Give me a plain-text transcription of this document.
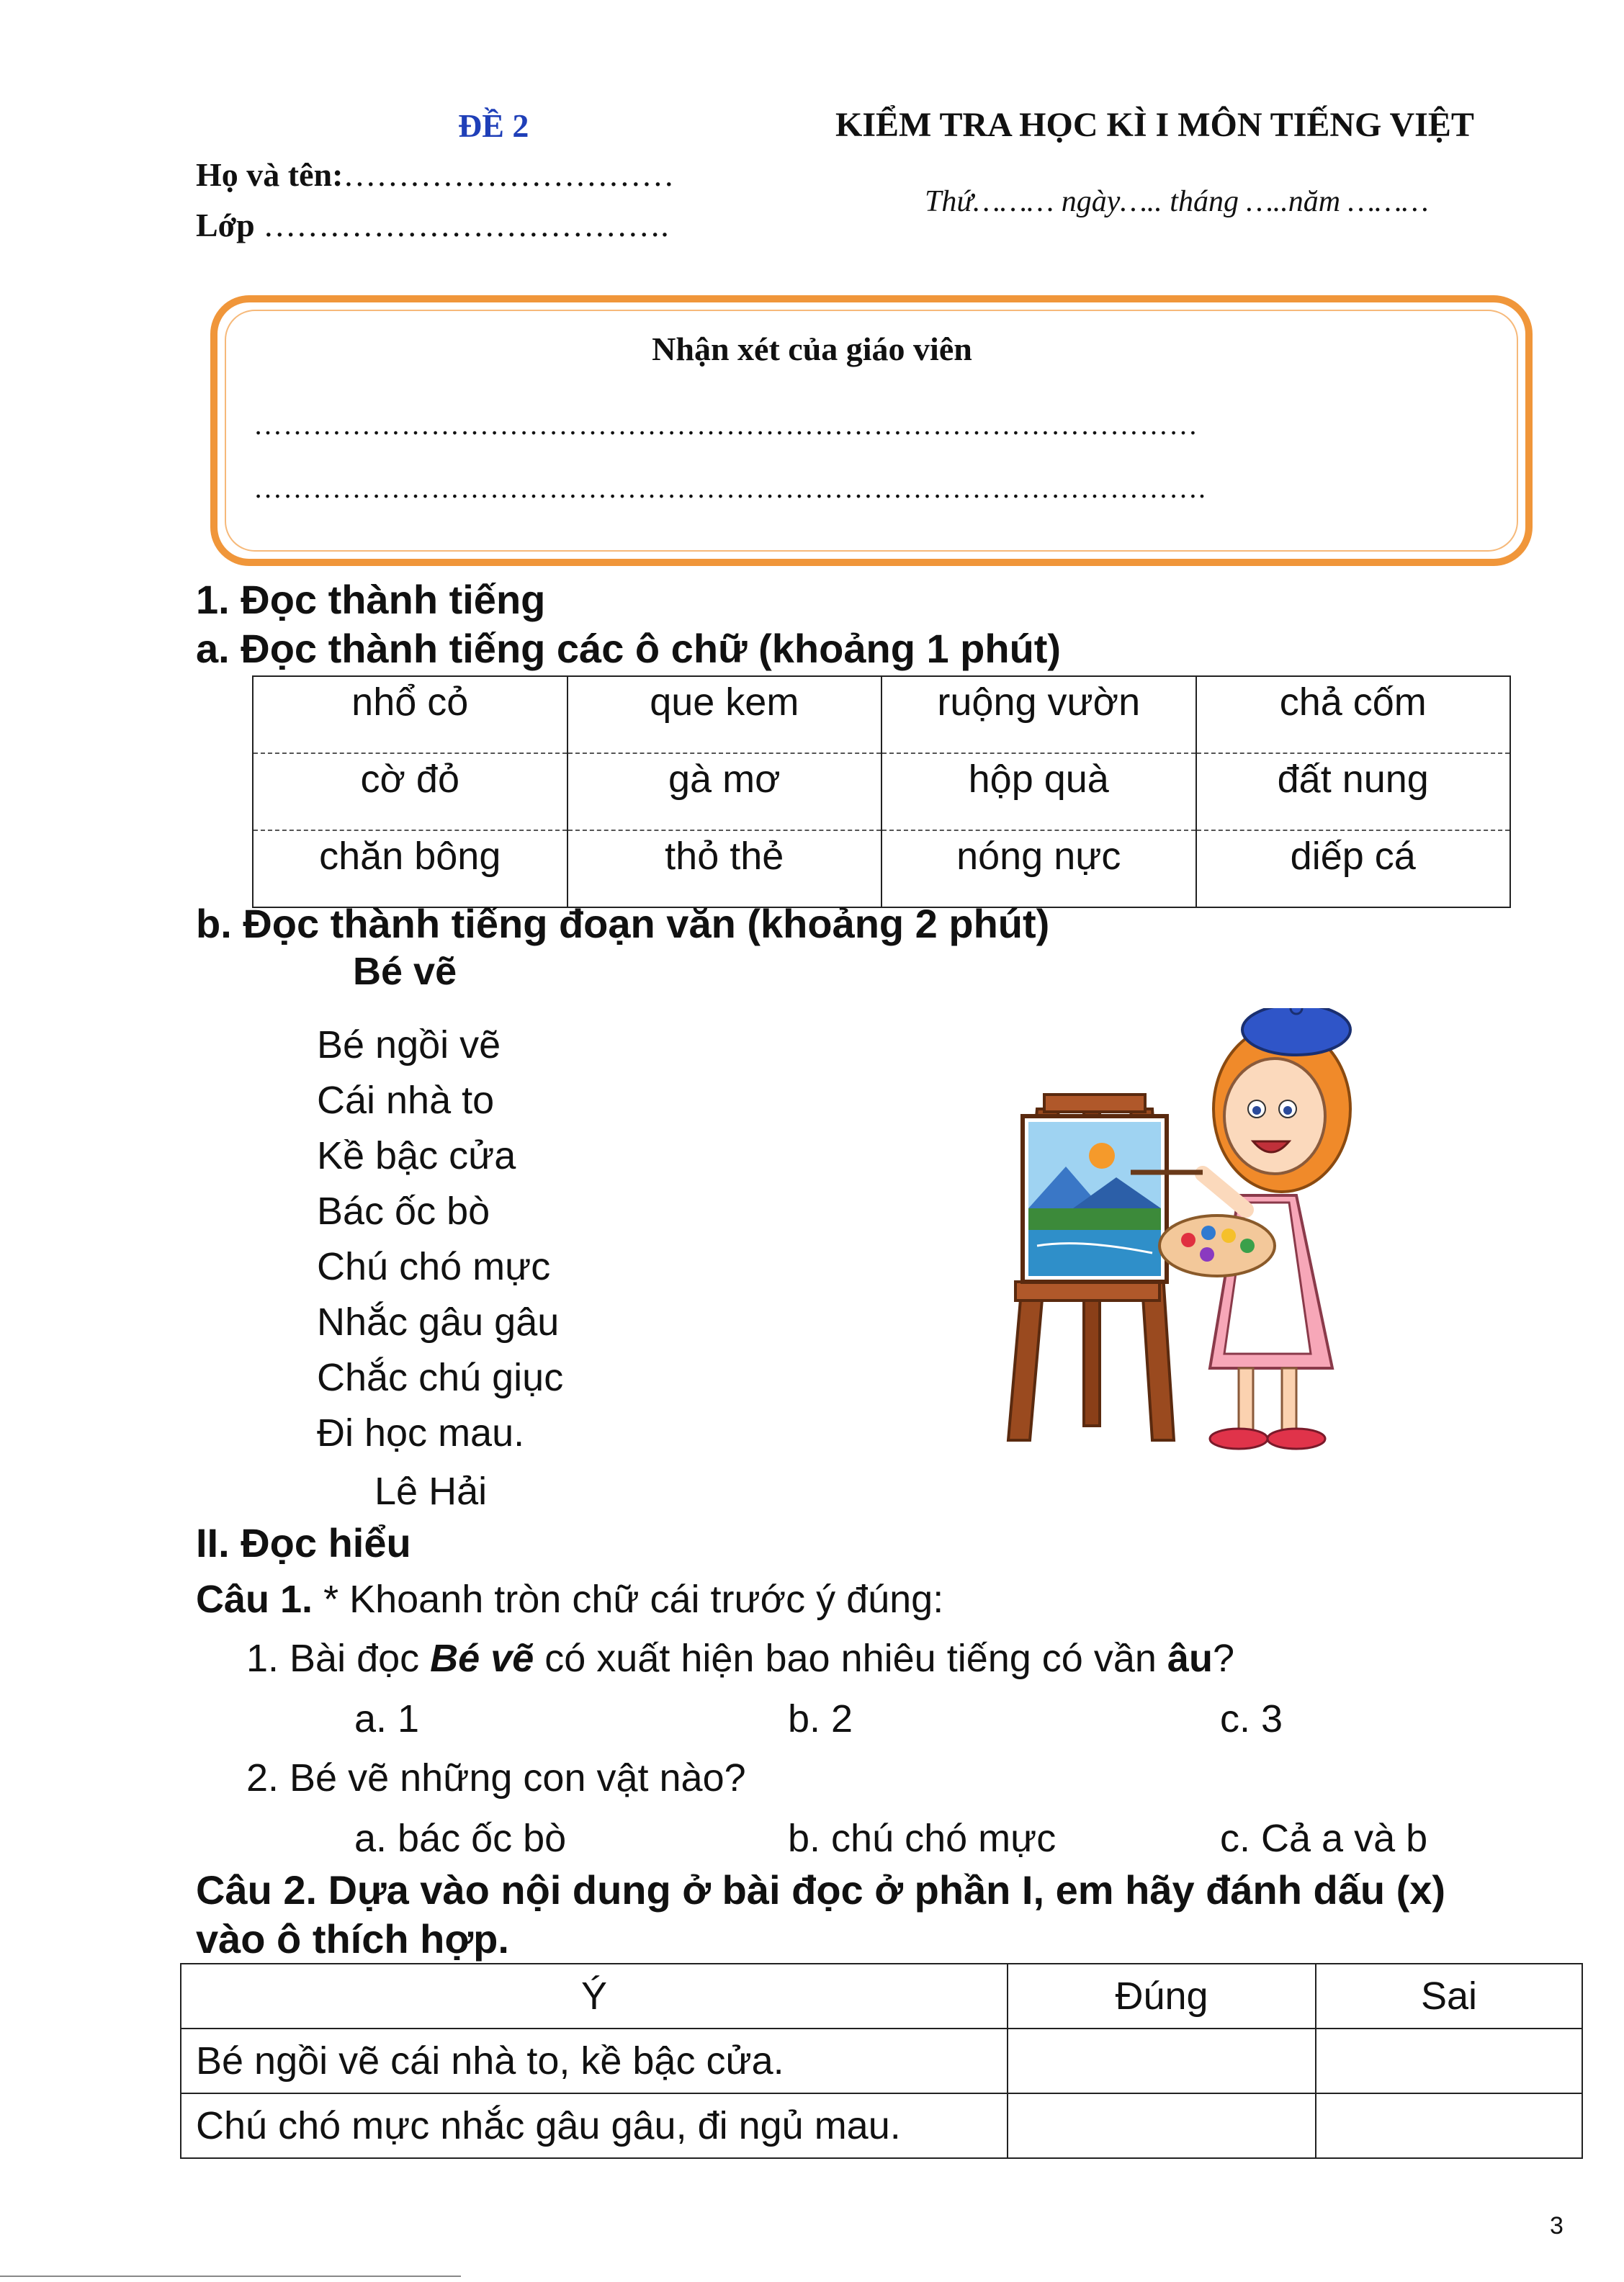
ĐỀ 2	KIỂM TRA HỌC KÌ I MÔN TIẾNG VIỆT
Họ và tên:…………………………
Lớp ……………………………….
Thứ……… ngày….. tháng …..năm ………
Nhận xét của giáo viên
……………………………………………………………………………………
…………………………………………………………………………………….
1. Đọc thành tiếng
a. Đọc thành tiếng các ô chữ (khoảng 1 phút)
nhổ cỏ	que kem	ruộng vườn	chả cốm
cờ đỏ	gà mơ	hộp quà	đất nung
chăn bông	thỏ thẻ	nóng nực	diếp cá
b. Đọc thành tiếng đoạn văn (khoảng 2 phút)
Bé vẽ
Bé ngồi vẽ
Cái nhà to
Kề bậc cửa
Bác ốc bò
Chú chó mực
Nhắc gâu gâu
Chắc chú giục
Đi học mau.
Lê Hải
II. Đọc hiểu
Câu 1. * Khoanh tròn chữ cái trước ý đúng:
1. Bài đọc Bé vẽ có xuất hiện bao nhiêu tiếng có vần âu?
a. 1	b. 2	c. 3
2. Bé vẽ những con vật nào?
a. bác ốc bò	b. chú chó mực	c. Cả a và b
Câu 2. Dựa vào nội dung ở bài đọc ở phần I, em hãy đánh dấu (x)
vào ô thích hợp.
Ý	Đúng	Sai
Bé ngồi vẽ cái nhà to, kề bậc cửa.		
Chú chó mực nhắc gâu gâu, đi ngủ mau.		
3
